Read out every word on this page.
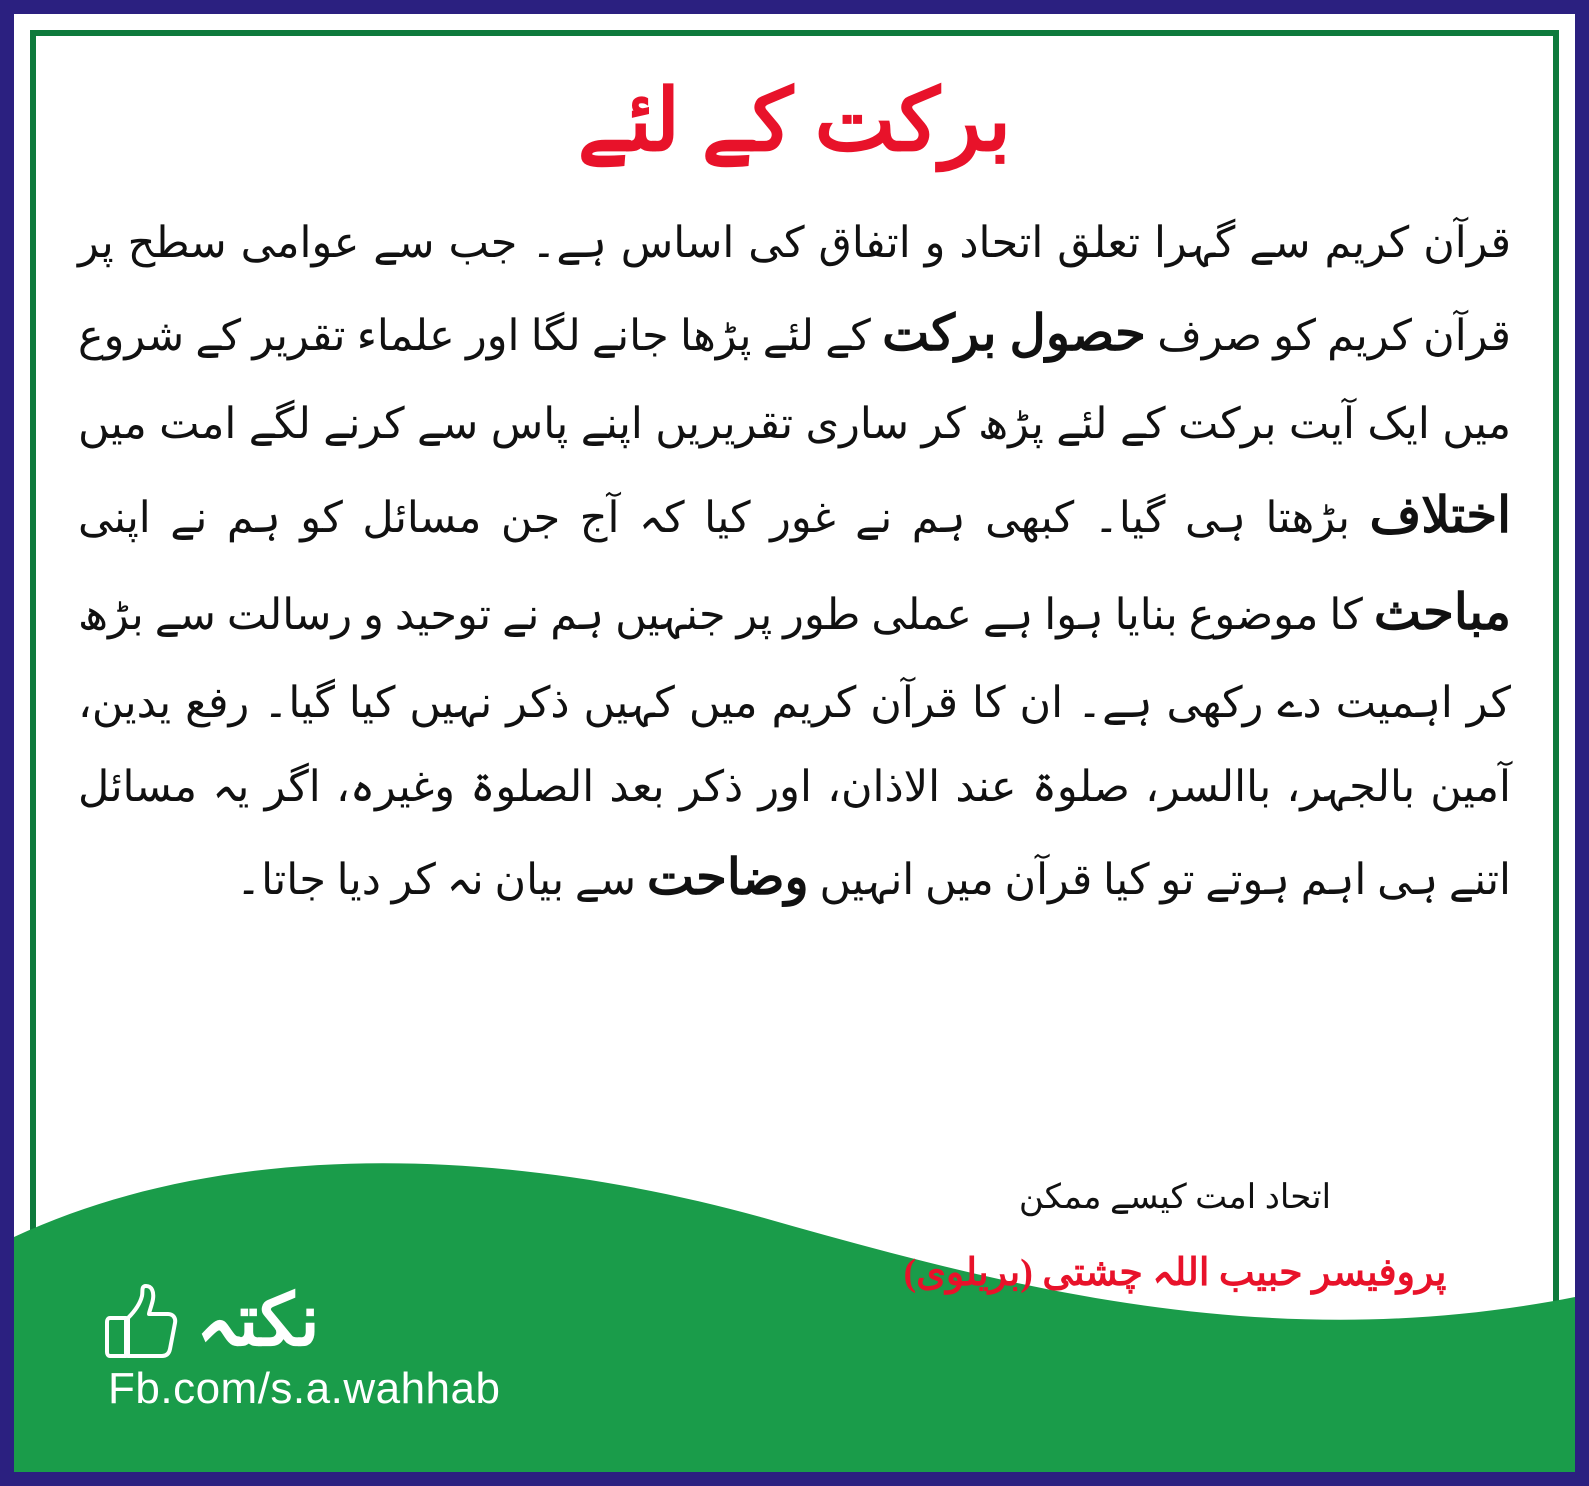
برکت کے لئے

قرآن کریم سے گہرا تعلق اتحاد و اتفاق کی اساس ہے۔ جب سے عوامی سطح پر قرآن کریم کو صرف حصول برکت کے لئے پڑھا جانے لگا اور علماء تقریر کے شروع میں ایک آیت برکت کے لئے پڑھ کر ساری تقریریں اپنے پاس سے کرنے لگے امت میں اختلاف بڑھتا ہی گیا۔ کبھی ہم نے غور کیا کہ آج جن مسائل کو ہم نے اپنی مباحث کا موضوع بنایا ہوا ہے عملی طور پر جنہیں ہم نے توحید و رسالت سے بڑھ کر اہمیت دے رکھی ہے۔ ان کا قرآن کریم میں کہیں ذکر نہیں کیا گیا۔ رفع یدین، آمین بالجہر، باالسر، صلوۃ عند الاذان، اور ذکر بعد الصلوۃ وغیرہ، اگر یہ مسائل اتنے ہی اہم ہوتے تو کیا قرآن میں انہیں وضاحت سے بیان نہ کر دیا جاتا۔

اتحاد امت کیسے ممکن
پروفیسر حبیب اللہ چشتی (بریلوی)
نکتہ
Fb.com/s.a.wahhab
